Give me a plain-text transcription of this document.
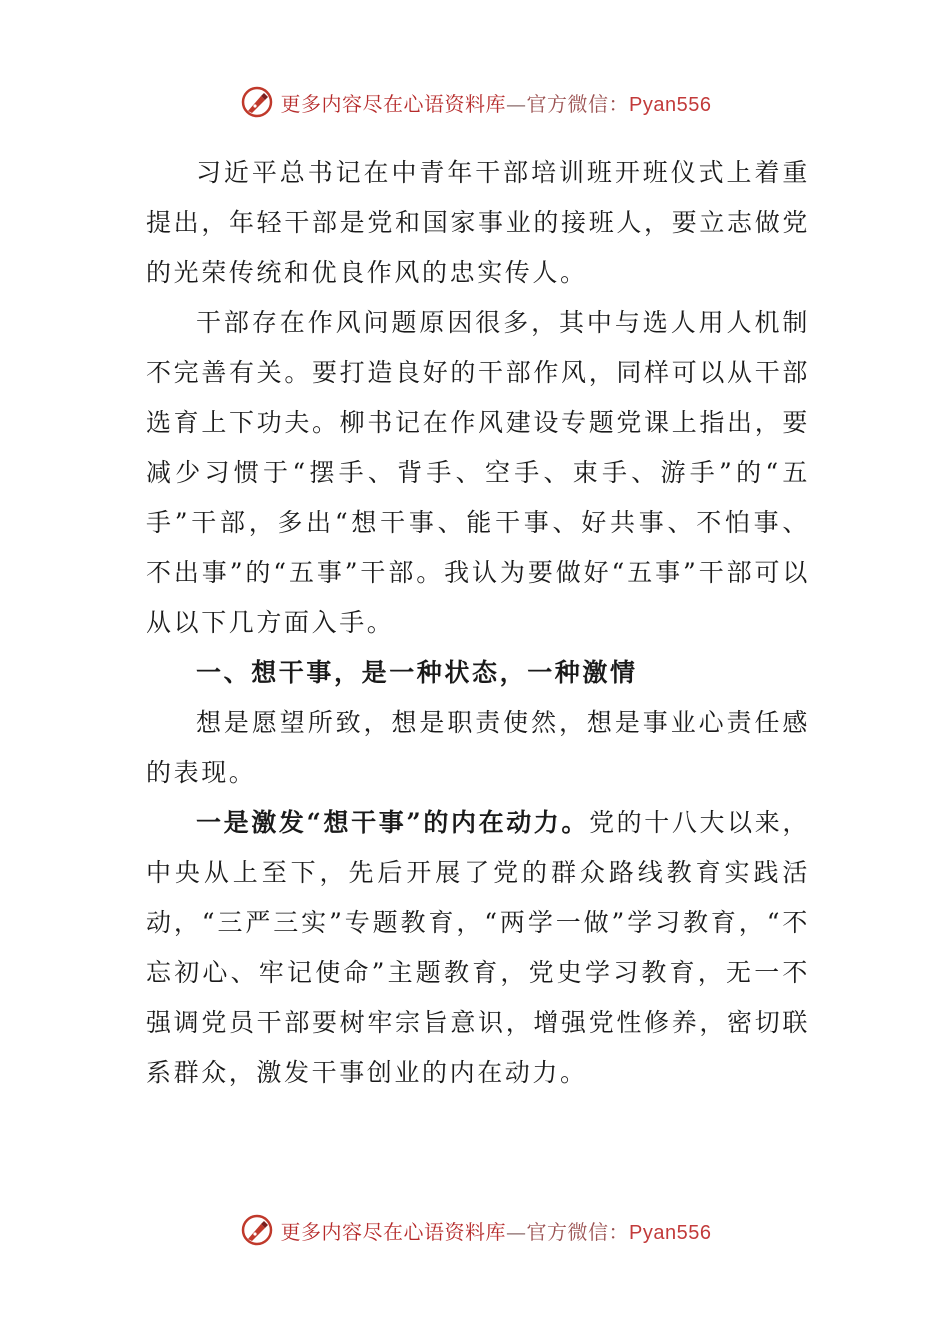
更多内容尽在心语资料库—官方微信：Pyan556

习近平总书记在中青年干部培训班开班仪式上着重提出，年轻干部是党和国家事业的接班人，要立志做党的光荣传统和优良作风的忠实传人。

干部存在作风问题原因很多，其中与选人用人机制不完善有关。要打造良好的干部作风，同样可以从干部选育上下功夫。柳书记在作风建设专题党课上指出，要减少习惯于“摆手、背手、空手、束手、游手”的“五手”干部，多出“想干事、能干事、好共事、不怕事、不出事”的“五事”干部。我认为要做好“五事”干部可以从以下几方面入手。

一、想干事，是一种状态，一种激情

想是愿望所致，想是职责使然，想是事业心责任感的表现。

一是激发“想干事”的内在动力。党的十八大以来，中央从上至下，先后开展了党的群众路线教育实践活动，“三严三实”专题教育，“两学一做”学习教育，“不忘初心、牢记使命”主题教育，党史学习教育，无一不强调党员干部要树牢宗旨意识，增强党性修养，密切联系群众，激发干事创业的内在动力。

更多内容尽在心语资料库—官方微信：Pyan556
